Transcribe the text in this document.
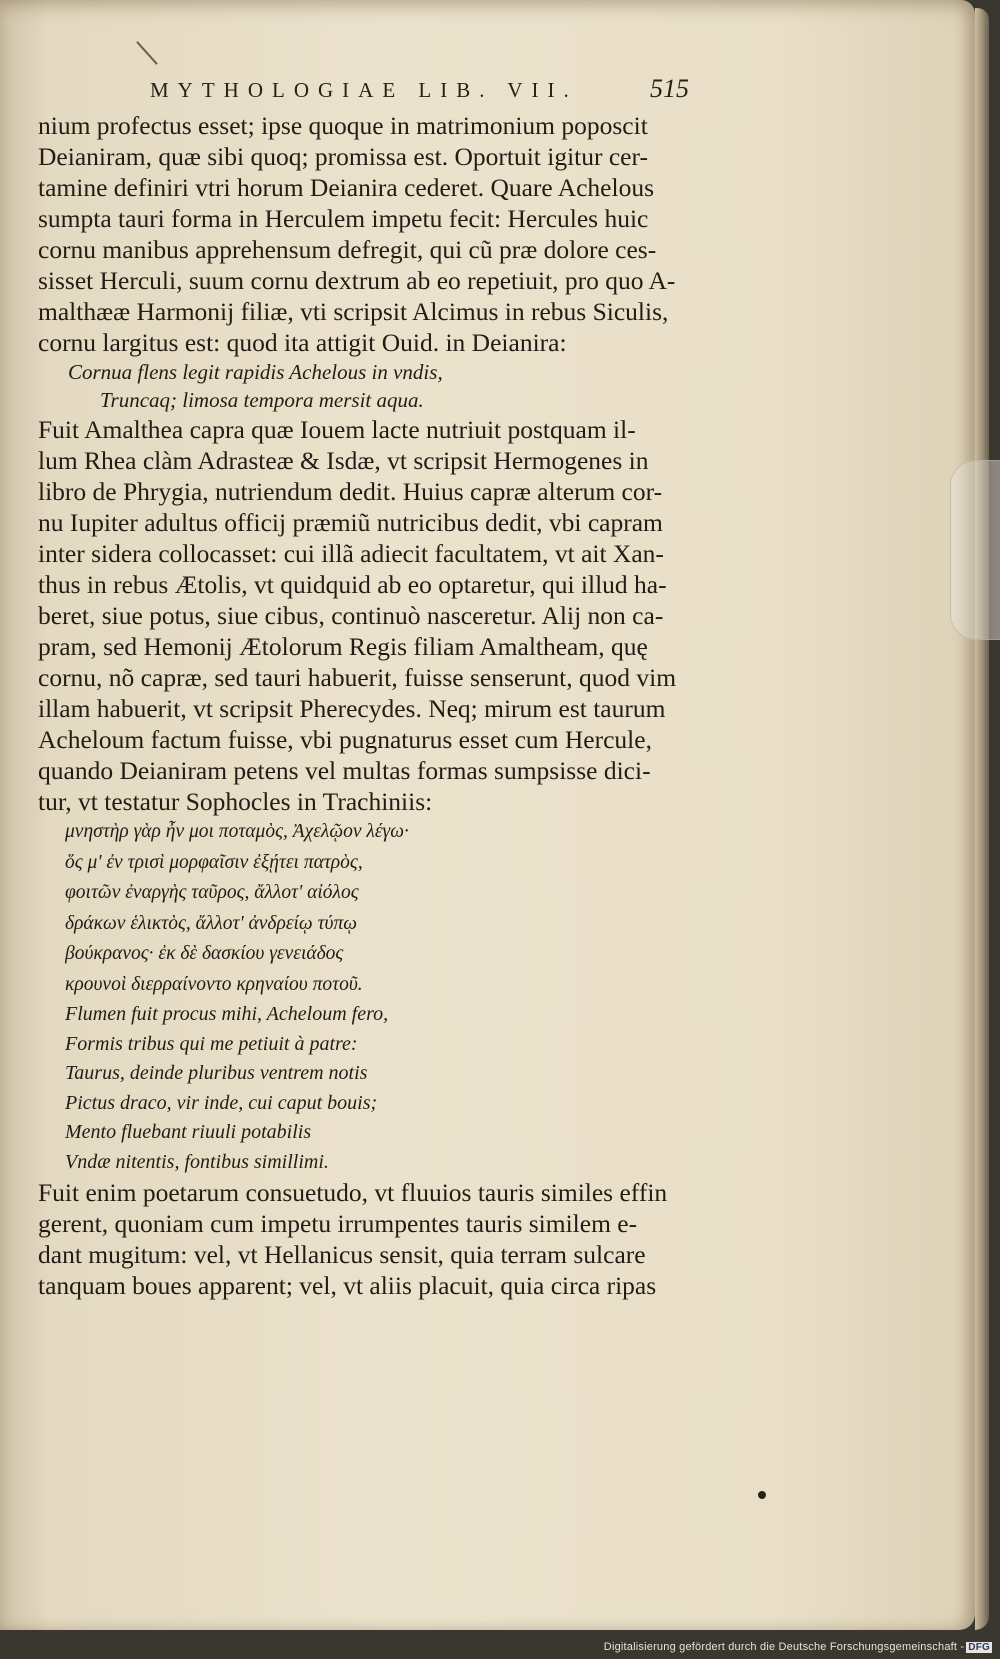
MYTHOLOGIAE LIB. VII.	515
nium profectus esset; ipse quoque in matrimonium poposcit
Deianiram, quæ sibi quoq; promissa est. Oportuit igitur cer-
tamine definiri vtri horum Deianira cederet. Quare Achelous
sumpta tauri forma in Herculem impetu fecit: Hercules huic
cornu manibus apprehensum defregit, qui cũ præ dolore ces-
sisset Herculi, suum cornu dextrum ab eo repetiuit, pro quo A-
malthææ Harmonij filiæ, vti scripsit Alcimus in rebus Siculis,
cornu largitus est: quod ita attigit Ouid. in Deianira:
Cornua flens legit rapidis Achelous in vndis,
Truncaq; limosa tempora mersit aqua.
Fuit Amalthea capra quæ Iouem lacte nutriuit postquam il-
lum Rhea clàm Adrasteæ & Isdæ, vt scripsit Hermogenes in
libro de Phrygia, nutriendum dedit. Huius capræ alterum cor-
nu Iupiter adultus officij præmiũ nutricibus dedit, vbi capram
inter sidera collocasset: cui illã adiecit facultatem, vt ait Xan-
thus in rebus Ætolis, vt quidquid ab eo optaretur, qui illud ha-
beret, siue potus, siue cibus, continuò nasceretur. Alij non ca-
pram, sed Hemonij Ætolorum Regis filiam Amaltheam, quę
cornu, nõ capræ, sed tauri habuerit, fuisse senserunt, quod vim
illam habuerit, vt scripsit Pherecydes. Neq; mirum est taurum
Acheloum factum fuisse, vbi pugnaturus esset cum Hercule,
quando Deianiram petens vel multas formas sumpsisse dici-
tur, vt testatur Sophocles in Trachiniis:
μνηστὴρ γὰρ ἦν μοι ποταμὸς, Ἀχελῷον λέγω·
ὅς μ' ἐν τρισὶ μορφαῖσιν ἐξῄτει πατρὸς,
φοιτῶν ἐναργὴς ταῦρος, ἄλλοτ' αἰόλος
δράκων ἑλικτὸς, ἄλλοτ' ἀνδρείῳ τύπῳ
βούκρανος· ἐκ δὲ δασκίου γενειάδος
κρουνοὶ διερραίνοντο κρηναίου ποτοῦ.
Flumen fuit procus mihi, Acheloum fero,
Formis tribus qui me petiuit à patre:
Taurus, deinde pluribus ventrem notis
Pictus draco, vir inde, cui caput bouis;
Mento fluebant riuuli potabilis
Vndæ nitentis, fontibus simillimi.
Fuit enim poetarum consuetudo, vt fluuios tauris similes effin
gerent, quoniam cum impetu irrumpentes tauris similem e-
dant mugitum: vel, vt Hellanicus sensit, quia terram sulcare
tanquam boues apparent; vel, vt aliis placuit, quia circa ripas
Digitalisierung gefördert durch die Deutsche Forschungsgemeinschaft - DFG
